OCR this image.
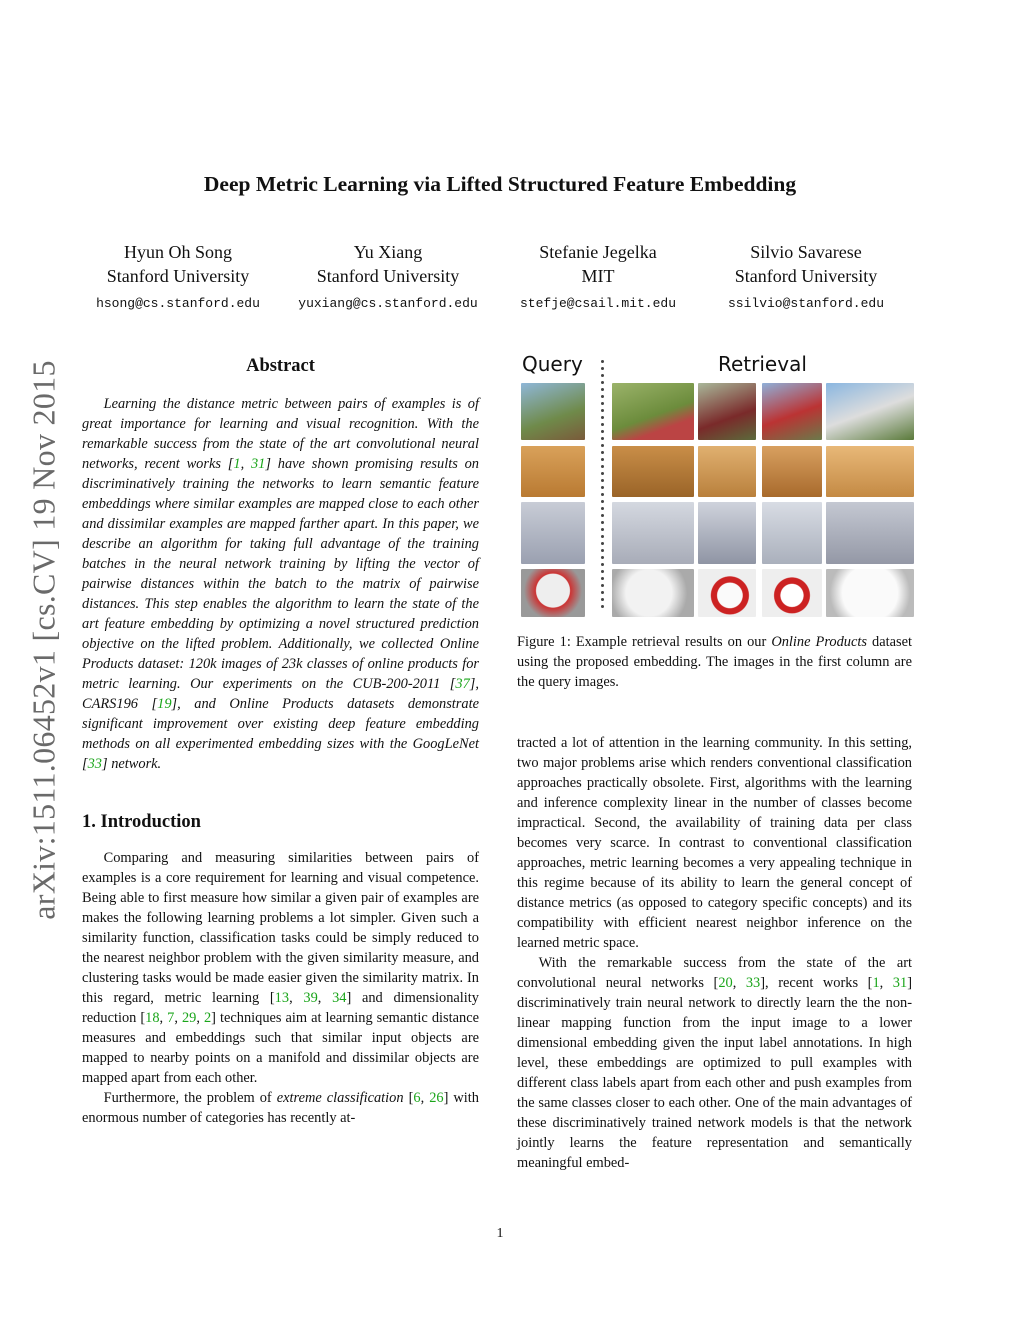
arXiv:1511.06452v1 [cs.CV] 19 Nov 2015
Deep Metric Learning via Lifted Structured Feature Embedding
Hyun Oh Song
Stanford University
hsong@cs.stanford.edu
Yu Xiang
Stanford University
yuxiang@cs.stanford.edu
Stefanie Jegelka
MIT
stefje@csail.mit.edu
Silvio Savarese
Stanford University
ssilvio@stanford.edu
Abstract

Learning the distance metric between pairs of examples is of great importance for learning and visual recognition. With the remarkable success from the state of the art convolutional neural networks, recent works [1, 31] have shown promising results on discriminatively training the networks to learn semantic feature embeddings where similar examples are mapped close to each other and dissimilar examples are mapped farther apart. In this paper, we describe an algorithm for taking full advantage of the training batches in the neural network training by lifting the vector of pairwise distances within the batch to the matrix of pairwise distances. This step enables the algorithm to learn the state of the art feature embedding by optimizing a novel structured prediction objective on the lifted problem. Additionally, we collected Online Products dataset: 120k images of 23k classes of online products for metric learning. Our experiments on the CUB-200-2011 [37], CARS196 [19], and Online Products datasets demonstrate significant improvement over existing deep feature embedding methods on all experimented embedding sizes with the GoogLeNet [33] network.

1. Introduction

Comparing and measuring similarities between pairs of examples is a core requirement for learning and visual competence. Being able to first measure how similar a given pair of examples are makes the following learning problems a lot simpler. Given such a similarity function, classification tasks could be simply reduced to the nearest neighbor problem with the given similarity measure, and clustering tasks would be made easier given the similarity matrix. In this regard, metric learning [13, 39, 34] and dimensionality reduction [18, 7, 29, 2] techniques aim at learning semantic distance measures and embeddings such that similar input objects are mapped to nearby points on a manifold and dissimilar objects are mapped apart from each other.

Furthermore, the problem of extreme classification [6, 26] with enormous number of categories has recently at-

Query	Retrieval
Figure 1: Example retrieval results on our Online Products dataset using the proposed embedding. The images in the first column are the query images.

tracted a lot of attention in the learning community. In this setting, two major problems arise which renders conventional classification approaches practically obsolete. First, algorithms with the learning and inference complexity linear in the number of classes become impractical. Second, the availability of training data per class becomes very scarce. In contrast to conventional classification approaches, metric learning becomes a very appealing technique in this regime because of its ability to learn the general concept of distance metrics (as opposed to category specific concepts) and its compatibility with efficient nearest neighbor inference on the learned metric space.

With the remarkable success from the state of the art convolutional neural networks [20, 33], recent works [1, 31] discriminatively train neural network to directly learn the the non-linear mapping function from the input image to a lower dimensional embedding given the input label annotations. In high level, these embeddings are optimized to pull examples with different class labels apart from each other and push examples from the same classes closer to each other. One of the main advantages of these discriminatively trained network models is that the network jointly learns the feature representation and semantically meaningful embed-

1
